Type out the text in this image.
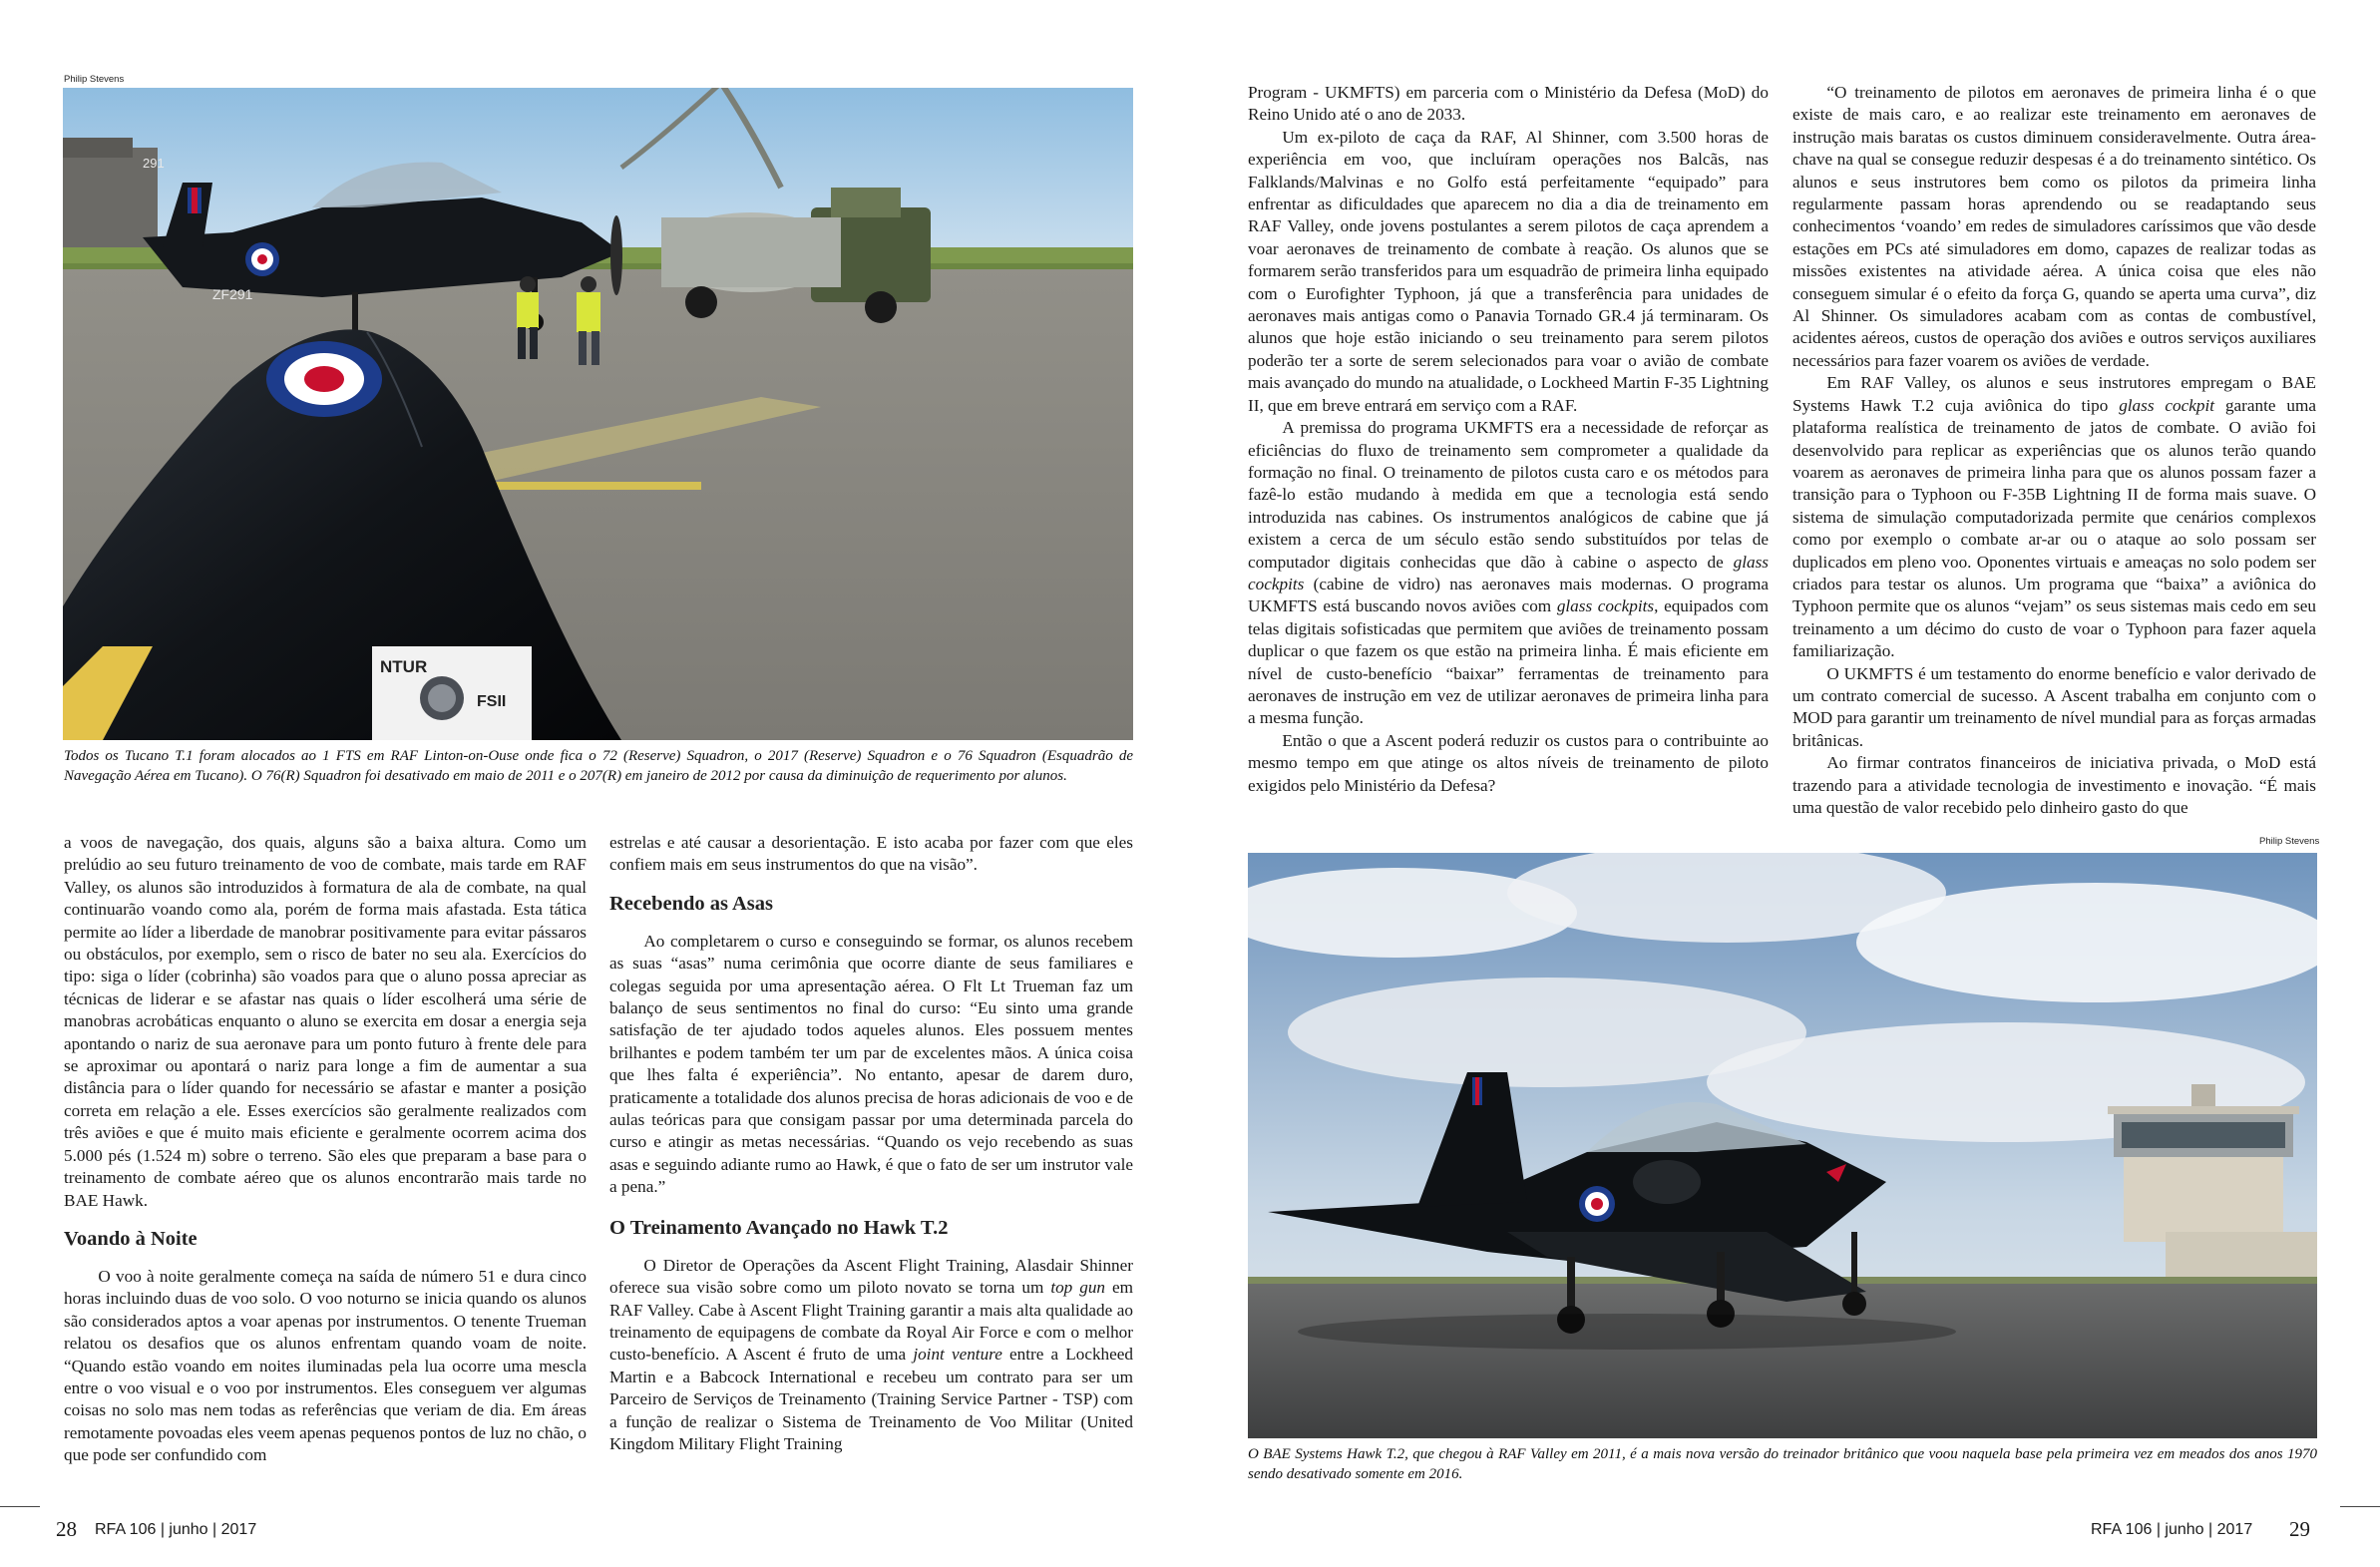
Philip Stevens
ZF291
291
NTUR
FSII
Todos os Tucano T.1 foram alocados ao 1 FTS em RAF Linton-on-Ouse onde fica o 72 (Reserve) Squadron, o 2017 (Reserve) Squadron e o 76 Squadron (Esquadrão de Navegação Aérea em Tucano). O 76(R) Squadron foi desativado em maio de 2011 e o 207(R) em janeiro de 2012 por causa da diminuição de requerimento por alunos.

a voos de navegação, dos quais, alguns são a baixa altura. Como um prelúdio ao seu futuro treinamento de voo de combate, mais tarde em RAF Valley, os alunos são introduzidos à formatura de ala de combate, na qual continuarão voando como ala, porém de forma mais afastada. Esta tática permite ao líder a liberdade de manobrar positivamente para evitar pássaros ou obstáculos, por exemplo, sem o risco de bater no seu ala. Exercícios do tipo: siga o líder (cobrinha) são voados para que o aluno possa apreciar as técnicas de liderar e se afastar nas quais o líder escolherá uma série de manobras acrobáticas enquanto o aluno se exercita em dosar a energia seja apontando o nariz de sua aeronave para um ponto futuro à frente dele para se aproximar ou apontará o nariz para longe a fim de aumentar a sua distância para o líder quando for necessário se afastar e manter a posição correta em relação a ele. Esses exercícios são geralmente realizados com três aviões e que é muito mais eficiente e geralmente ocorrem acima dos 5.000 pés (1.524 m) sobre o terreno. São eles que preparam a base para o treinamento de combate aéreo que os alunos encontrarão mais tarde no BAE Hawk.

Voando à Noite

O voo à noite geralmente começa na saída de número 51 e dura cinco horas incluindo duas de voo solo. O voo noturno se inicia quando os alunos são considerados aptos a voar apenas por instrumentos. O tenente Trueman relatou os desafios que os alunos enfrentam quando voam de noite. “Quando estão voando em noites iluminadas pela lua ocorre uma mescla entre o voo visual e o voo por instrumentos. Eles conseguem ver algumas coisas no solo mas nem todas as referências que veriam de dia. Em áreas remotamente povoadas eles veem apenas pequenos pontos de luz no chão, o que pode ser confundido com

estrelas e até causar a desorientação. E isto acaba por fazer com que eles confiem mais em seus instrumentos do que na visão”.

Recebendo as Asas

Ao completarem o curso e conseguindo se formar, os alunos recebem as suas “asas” numa cerimônia que ocorre diante de seus familiares e colegas seguida por uma apresentação aérea. O Flt Lt Trueman faz um balanço de seus sentimentos no final do curso: “Eu sinto uma grande satisfação de ter ajudado todos aqueles alunos. Eles possuem mentes brilhantes e podem também ter um par de excelentes mãos. A única coisa que lhes falta é experiência”. No entanto, apesar de darem duro, praticamente a totalidade dos alunos precisa de horas adicionais de voo e de aulas teóricas para que consigam passar por uma determinada parcela do curso e atingir as metas necessárias. “Quando os vejo recebendo as suas asas e seguindo adiante rumo ao Hawk, é que o fato de ser um instrutor vale a pena.”

O Treinamento Avançado no Hawk T.2

O Diretor de Operações da Ascent Flight Training, Alasdair Shinner oferece sua visão sobre como um piloto novato se torna um top gun em RAF Valley. Cabe à Ascent Flight Training garantir a mais alta qualidade ao treinamento de equipagens de combate da Royal Air Force e com o melhor custo-benefício. A Ascent é fruto de uma joint venture entre a Lockheed Martin e a Babcock International e recebeu um contrato para ser um Parceiro de Serviços de Treinamento (Training Service Partner - TSP) com a função de realizar o Sistema de Treinamento de Voo Militar (United Kingdom Military Flight Training

28 RFA 106 | junho | 2017

Program - UKMFTS) em parceria com o Ministério da Defesa (MoD) do Reino Unido até o ano de 2033.

Um ex-piloto de caça da RAF, Al Shinner, com 3.500 horas de experiência em voo, que incluíram operações nos Balcãs, nas Falklands/Malvinas e no Golfo está perfeitamente “equipado” para enfrentar as dificuldades que aparecem no dia a dia de treinamento em RAF Valley, onde jovens postulantes a serem pilotos de caça aprendem a voar aeronaves de treinamento de combate à reação. Os alunos que se formarem serão transferidos para um esquadrão de primeira linha equipado com o Eurofighter Typhoon, já que a transferência para unidades de aeronaves mais antigas como o Panavia Tornado GR.4 já terminaram. Os alunos que hoje estão iniciando o seu treinamento para serem pilotos poderão ter a sorte de serem selecionados para voar o avião de combate mais avançado do mundo na atualidade, o Lockheed Martin F-35 Lightning II, que em breve entrará em serviço com a RAF.

A premissa do programa UKMFTS era a necessidade de reforçar as eficiências do fluxo de treinamento sem comprometer a qualidade da formação no final. O treinamento de pilotos custa caro e os métodos para fazê-lo estão mudando à medida em que a tecnologia está sendo introduzida nas cabines. Os instrumentos analógicos de cabine que já existem a cerca de um século estão sendo substituídos por telas de computador digitais conhecidas que dão à cabine o aspecto de glass cockpits (cabine de vidro) nas aeronaves mais modernas. O programa UKMFTS está buscando novos aviões com glass cockpits, equipados com telas digitais sofisticadas que permitem que aviões de treinamento possam duplicar o que fazem os que estão na primeira linha. É mais eficiente em nível de custo-benefício “baixar” ferramentas de treinamento para aeronaves de instrução em vez de utilizar aeronaves de primeira linha para a mesma função.

Então o que a Ascent poderá reduzir os custos para o contribuinte ao mesmo tempo em que atinge os altos níveis de treinamento de piloto exigidos pelo Ministério da Defesa?

“O treinamento de pilotos em aeronaves de primeira linha é o que existe de mais caro, e ao realizar este treinamento em aeronaves de instrução mais baratas os custos diminuem consideravelmente. Outra área-chave na qual se consegue reduzir despesas é a do treinamento sintético. Os alunos e seus instrutores bem como os pilotos da primeira linha regularmente passam horas aprendendo ou se readaptando seus conhecimentos ‘voando’ em redes de simuladores caríssimos que vão desde estações em PCs até simuladores em domo, capazes de realizar todas as missões existentes na atividade aérea. A única coisa que eles não conseguem simular é o efeito da força G, quando se aperta uma curva”, diz Al Shinner. Os simuladores acabam com as contas de combustível, acidentes aéreos, custos de operação dos aviões e outros serviços auxiliares necessários para fazer voarem os aviões de verdade.

Em RAF Valley, os alunos e seus instrutores empregam o BAE Systems Hawk T.2 cuja aviônica do tipo glass cockpit garante uma plataforma realística de treinamento de jatos de combate. O avião foi desenvolvido para replicar as experiências que os alunos terão quando voarem as aeronaves de primeira linha para que os alunos possam fazer a transição para o Typhoon ou F-35B Lightning II de forma mais suave. O sistema de simulação computadorizada permite que cenários complexos como por exemplo o combate ar-ar ou o ataque ao solo possam ser duplicados em pleno voo. Oponentes virtuais e ameaças no solo podem ser criados para testar os alunos. Um programa que “baixa” a aviônica do Typhoon permite que os alunos “vejam” os seus sistemas mais cedo em seu treinamento a um décimo do custo de voar o Typhoon para fazer aquela familiarização.

O UKMFTS é um testamento do enorme benefício e valor derivado de um contrato comercial de sucesso. A Ascent trabalha em conjunto com o MOD para garantir um treinamento de nível mundial para as forças armadas britânicas.

Ao firmar contratos financeiros de iniciativa privada, o MoD está trazendo para a atividade tecnologia de investimento e inovação. “É mais uma questão de valor recebido pelo dinheiro gasto do que

Philip Stevens
O BAE Systems Hawk T.2, que chegou à RAF Valley em 2011, é a mais nova versão do treinador britânico que voou naquela base pela primeira vez em meados dos anos 1970 sendo desativado somente em 2016.
RFA 106 | junho | 2017 29
